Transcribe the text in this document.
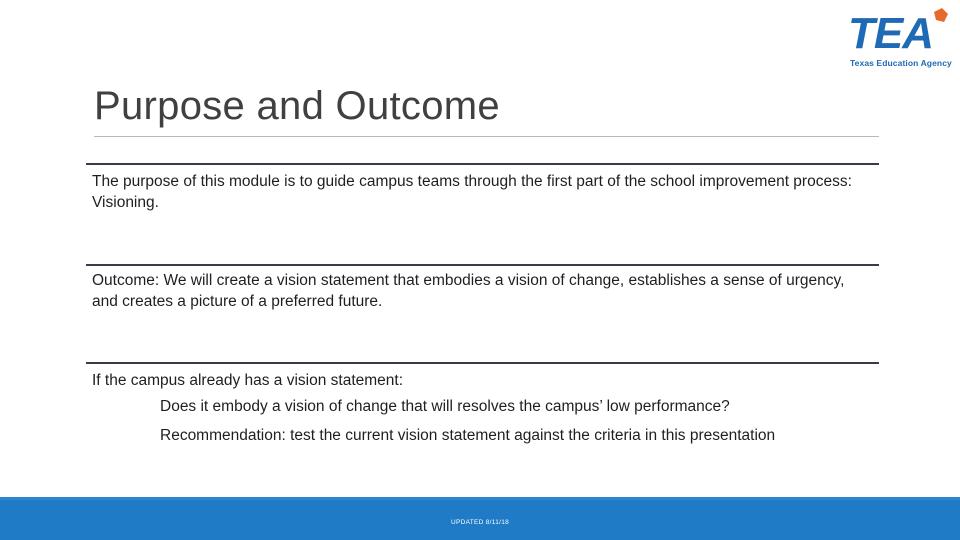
TEA
Texas Education Agency
Purpose and Outcome
The purpose of this module is to guide campus teams through the first part of the school improvement process: Visioning.
Outcome: We will create a vision statement that embodies a vision of change, establishes a sense of urgency, and creates a picture of a preferred future.
If the campus already has a vision statement:
Does it embody a vision of change that will resolves the campus’ low performance?
Recommendation: test the current vision statement against the criteria in this presentation
UPDATED 8/11/18
